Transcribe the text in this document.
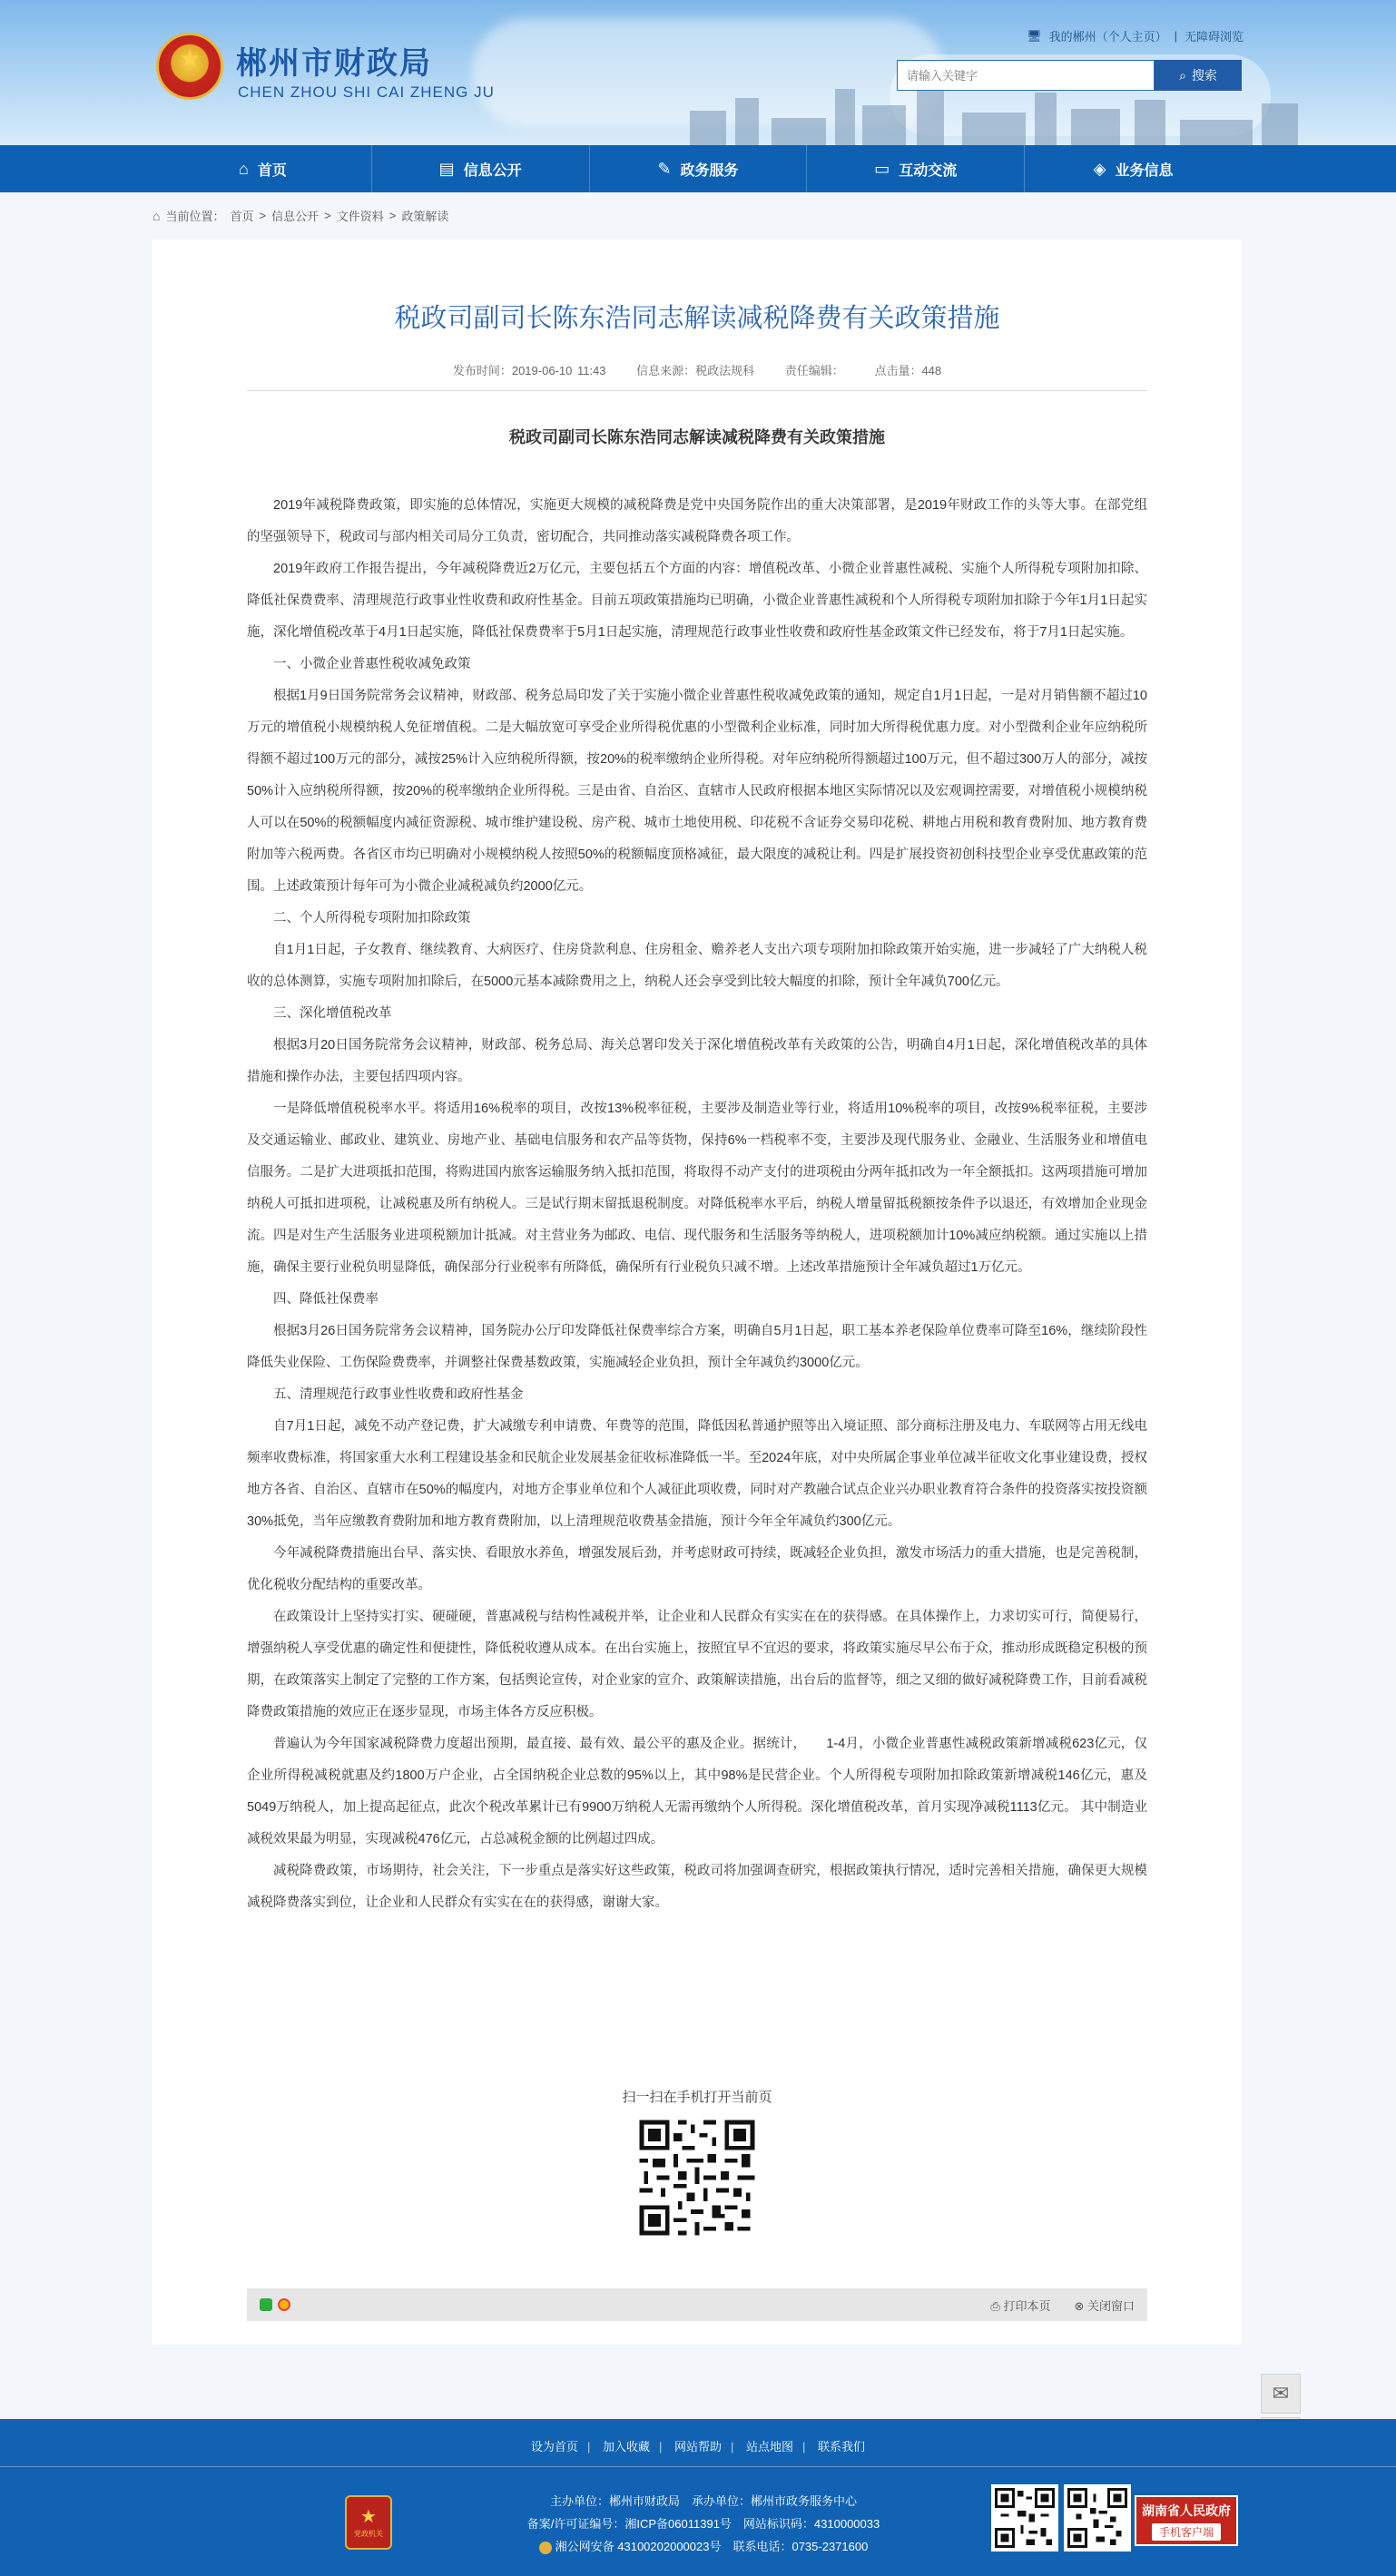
★
郴州市财政局
CHEN ZHOU SHI CAI ZHENG JU
🖥 我的郴州（个人主页） | 无障碍浏览
请输入关键字
⌕ 搜索
⌂ 首页	▤ 信息公开	✎ 政务服务	▭ 互动交流	◈ 业务信息
⌂ 当前位置： 首页 > 信息公开 > 文件资料 > 政策解读
税政司副司长陈东浩同志解读减税降费有关政策措施
发布时间：2019-06-10 11:43	信息来源：税政法规科	责任编辑：	点击量：448
税政司副司长陈东浩同志解读减税降费有关政策措施

2019年减税降费政策，即实施的总体情况，实施更大规模的减税降费是党中央国务院作出的重大决策部署，是2019年财政工作的头等大事。在部党组的坚强领导下，税政司与部内相关司局分工负责，密切配合，共同推动落实减税降费各项工作。

2019年政府工作报告提出，今年减税降费近2万亿元，主要包括五个方面的内容：增值税改革、小微企业普惠性减税、实施个人所得税专项附加扣除、降低社保费费率、清理规范行政事业性收费和政府性基金。目前五项政策措施均已明确，小微企业普惠性减税和个人所得税专项附加扣除于今年1月1日起实施，深化增值税改革于4月1日起实施，降低社保费费率于5月1日起实施，清理规范行政事业性收费和政府性基金政策文件已经发布，将于7月1日起实施。

一、小微企业普惠性税收减免政策

根据1月9日国务院常务会议精神，财政部、税务总局印发了关于实施小微企业普惠性税收减免政策的通知，规定自1月1日起，一是对月销售额不超过10万元的增值税小规模纳税人免征增值税。二是大幅放宽可享受企业所得税优惠的小型微利企业标准，同时加大所得税优惠力度。对小型微利企业年应纳税所得额不超过100万元的部分，减按25%计入应纳税所得额，按20%的税率缴纳企业所得税。对年应纳税所得额超过100万元，但不超过300万人的部分，减按50%计入应纳税所得额，按20%的税率缴纳企业所得税。三是由省、自治区、直辖市人民政府根据本地区实际情况以及宏观调控需要，对增值税小规模纳税人可以在50%的税额幅度内减征资源税、城市维护建设税、房产税、城市土地使用税、印花税不含证券交易印花税、耕地占用税和教育费附加、地方教育费附加等六税两费。各省区市均已明确对小规模纳税人按照50%的税额幅度顶格减征，最大限度的减税让利。四是扩展投资初创科技型企业享受优惠政策的范围。上述政策预计每年可为小微企业减税减负约2000亿元。

二、个人所得税专项附加扣除政策

自1月1日起，子女教育、继续教育、大病医疗、住房贷款利息、住房租金、赡养老人支出六项专项附加扣除政策开始实施，进一步减轻了广大纳税人税收的总体测算，实施专项附加扣除后，在5000元基本减除费用之上，纳税人还会享受到比较大幅度的扣除，预计全年减负700亿元。

三、深化增值税改革

根据3月20日国务院常务会议精神，财政部、税务总局、海关总署印发关于深化增值税改革有关政策的公告，明确自4月1日起，深化增值税改革的具体措施和操作办法，主要包括四项内容。

一是降低增值税税率水平。将适用16%税率的项目，改按13%税率征税，主要涉及制造业等行业，将适用10%税率的项目，改按9%税率征税，主要涉及交通运输业、邮政业、建筑业、房地产业、基础电信服务和农产品等货物，保持6%一档税率不变，主要涉及现代服务业、金融业、生活服务业和增值电信服务。二是扩大进项抵扣范围，将购进国内旅客运输服务纳入抵扣范围，将取得不动产支付的进项税由分两年抵扣改为一年全额抵扣。这两项措施可增加纳税人可抵扣进项税，让减税惠及所有纳税人。三是试行期末留抵退税制度。对降低税率水平后，纳税人增量留抵税额按条件予以退还，有效增加企业现金流。四是对生产生活服务业进项税额加计抵减。对主营业务为邮政、电信、现代服务和生活服务等纳税人，进项税额加计10%减应纳税额。通过实施以上措施，确保主要行业税负明显降低，确保部分行业税率有所降低，确保所有行业税负只减不增。上述改革措施预计全年减负超过1万亿元。

四、降低社保费率

根据3月26日国务院常务会议精神，国务院办公厅印发降低社保费率综合方案，明确自5月1日起，职工基本养老保险单位费率可降至16%，继续阶段性降低失业保险、工伤保险费费率，并调整社保费基数政策，实施减轻企业负担，预计全年减负约3000亿元。

五、清理规范行政事业性收费和政府性基金

自7月1日起，减免不动产登记费，扩大减缴专利申请费、年费等的范围，降低因私普通护照等出入境证照、部分商标注册及电力、车联网等占用无线电频率收费标准，将国家重大水利工程建设基金和民航企业发展基金征收标准降低一半。至2024年底，对中央所属企事业单位减半征收文化事业建设费，授权地方各省、自治区、直辖市在50%的幅度内，对地方企事业单位和个人减征此项收费，同时对产教融合试点企业兴办职业教育符合条件的投资落实按投资额30%抵免，当年应缴教育费附加和地方教育费附加，以上清理规范收费基金措施，预计今年全年减负约300亿元。

今年减税降费措施出台早、落实快、看眼放水养鱼，增强发展后劲，并考虑财政可持续，既减轻企业负担，激发市场活力的重大措施，也是完善税制，优化税收分配结构的重要改革。

在政策设计上坚持实打实、硬碰硬，普惠减税与结构性减税并举，让企业和人民群众有实实在在的获得感。在具体操作上，力求切实可行，简便易行，增强纳税人享受优惠的确定性和便捷性，降低税收遵从成本。在出台实施上，按照宜早不宜迟的要求，将政策实施尽早公布于众，推动形成既稳定积极的预期，在政策落实上制定了完整的工作方案，包括舆论宣传，对企业家的宣介、政策解读措施，出台后的监督等，细之又细的做好减税降费工作，目前看减税降费政策措施的效应正在逐步显现，市场主体各方反应积极。

普遍认为今年国家减税降费力度超出预期，最直接、最有效、最公平的惠及企业。据统计，　　1-4月，小微企业普惠性减税政策新增减税623亿元，仅企业所得税减税就惠及约1800万户企业，占全国纳税企业总数的95%以上，其中98%是民营企业。个人所得税专项附加扣除政策新增减税146亿元，惠及5049万纳税人，加上提高起征点，此次个税改革累计已有9900万纳税人无需再缴纳个人所得税。深化增值税改革，首月实现净减税1113亿元。 其中制造业减税效果最为明显，实现减税476亿元，占总减税金额的比例超过四成。

减税降费政策，市场期待，社会关注，下一步重点是落实好这些政策，税政司将加强调查研究，根据政策执行情况，适时完善相关措施，确保更大规模减税降费落实到位，让企业和人民群众有实实在在的获得感，谢谢大家。

扫一扫在手机打开当前页
⎙ 打印本页 ⊗ 关闭窗口
✉
设为首页 | 加入收藏 | 网站帮助 | 站点地图 | 联系我们
★
党政机关
主办单位：郴州市财政局　承办单位：郴州市政务服务中心
备案/许可证编号：湘ICP备06011391号　网站标识码：4310000033
湘公网安备 43100202000023号　联系电话：0735-2371600
湖南省人民政府
手机客户端
